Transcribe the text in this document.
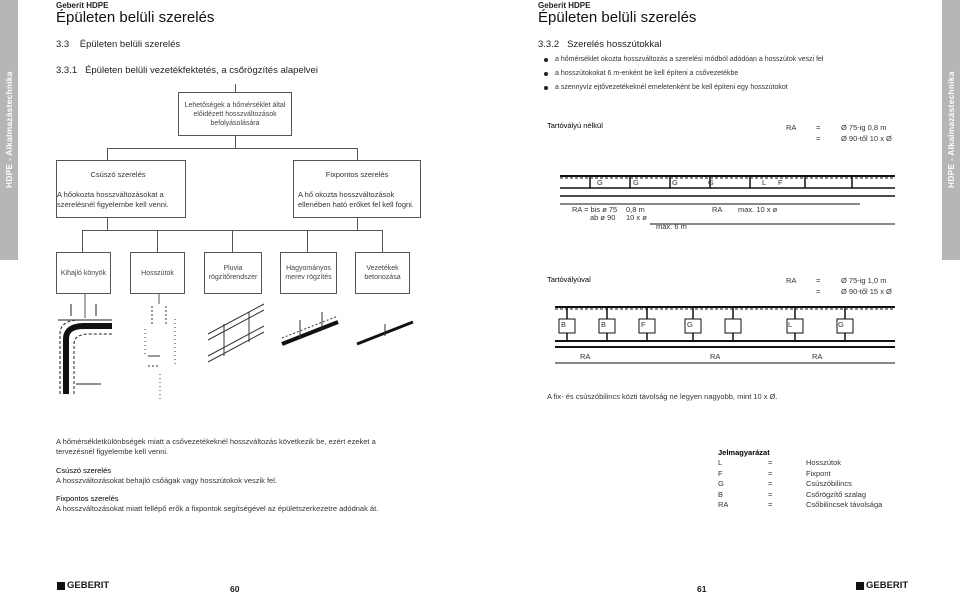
HDPE - Alkalmazástechnika	HDPE - Alkalmazástechnika
Geberit HDPE
Épületen belüli szerelés
3.3 Épületen belüli szerelés
3.3.1 Épületen belüli vezetékfektetés, a csőrögzítés alapelvei
Lehetőségek a hőmérséklet által előidézett hosszváltozások befolyásolására
Csúszó szerelés
A hőokozta hosszváltozásokat a szerelésnél figyelembe kell venni.
Fixpontos szerelés
A hő okozta hosszváltozások ellenében ható erőket fel kell fogni.
Kihajló könyök	Hosszútok
Pluvia rögzítőrendszer
Hagyományos merev rögzítés
Vezetékek betonozása
A hőmérsékletkülönbségek miatt a csővezetékeknél hosszváltozás következik be, ezért ezeket a tervezésnél figyelembe kell venni.
Csúszó szerelés
A hosszváltozásokat behajló csőágak vagy hosszútokok veszik fel.
Fixpontos szerelés
A hosszváltozásokat miatt fellépő erők a fixpontok segítségével az épületszerkezetre adódnak át.
GEBERIT	60
Geberit HDPE
Épületen belüli szerelés
3.3.2 Szerelés hosszútokkal
a hőmérséklet okozta hosszváltozás a szerelési módból adódóan a hosszútok veszi fel
a hosszútokokat 6 m-enként be kell építeni a csővezetékbe
a szennyvíz ejtővezetékeknél emeletenként be kell építeni egy hosszútokot
Tartóvályú nélkül	RA	=	Ø 75-ig 0,8 m
=	Ø 90-től 10 x Ø
G	G	G	G	L F
RA = bis ø 75 0,8 m
ab ø 90 10 x ø
RA max. 10 x ø
max. 6 m
Tartóvályúval	RA	=	Ø 75-ig 1,0 m
=	Ø 90-től 15 x Ø
B	B	F	G	L	G
RA	RA	RA
A fix- és csúszóbilincs közti távolság ne legyen nagyobb, mint 10 x Ø.
Jelmagyarázat
L	=	Hosszútok
F	=	Fixpont
G	=	Csúszóbilincs
B	=	Csőrögzítő szalag
RA	=	Csőbilincsek távolsága
61	GEBERIT
